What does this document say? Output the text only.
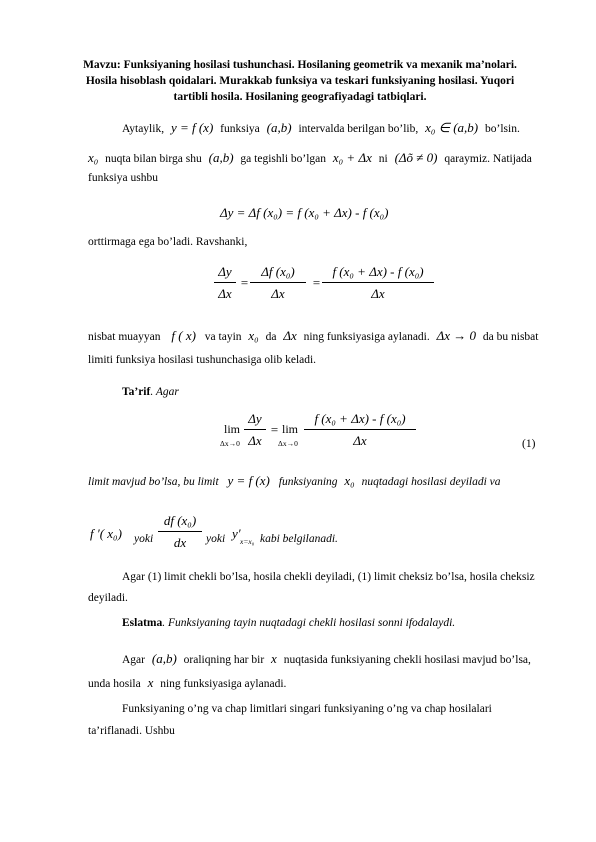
Mavzu: Funksiyaning hosilasi tushunchasi. Hosilaning geometrik va mexanik ma’nolari. Hosila hisoblash qoidalari. Murakkab funksiya va teskari funksiyaning hosilasi. Yuqori tartibli hosila. Hosilaning geografiyadagi tatbiqlari.
Aytaylik, y = f (x) funksiya (a,b) intervalda berilgan bo’lib, x₀ ∈ (a,b) bo’lsin.
x₀ nuqta bilan birga shu (a,b) ga tegishli bo’lgan x₀ + Δx ni (Δõ ≠ 0) qaraymiz. Natijada
funksiya ushbu
Δy = Δf (x₀) = f (x₀ + Δx) - f (x₀)
orttirmaga ega bo’ladi. Ravshanki,
Δy
Δx
=
Δf (x₀)
Δx
=
f (x₀ + Δx) - f (x₀)
Δx
nisbat muayyan f ( x) va tayin x₀ da Δx ning funksiyasiga aylanadi. Δx → 0 da bu nisbat
limiti funksiya hosilasi tushunchasiga olib keladi.
Ta’rif. Agar
lim
Δx→0
Δy
Δx
= lim
Δx→0
f (x₀ + Δx) - f (x₀)
Δx	(1)
limit mavjud bo’lsa, bu limit y = f (x) funksiyaning x₀ nuqtadagi hosilasi deyiladi va
f ′( x₀) yoki
df (x₀)
dx	yoki y′
x=x₀ kabi belgilanadi.
Agar (1) limit chekli bo’lsa, hosila chekli deyiladi, (1) limit cheksiz bo’lsa, hosila cheksiz
deyiladi.
Eslatma. Funksiyaning tayin nuqtadagi chekli hosilasi sonni ifodalaydi.
Agar (a,b) oraliqning har bir x nuqtasida funksiyaning chekli hosilasi mavjud bo’lsa,
unda hosila x ning funksiyasiga aylanadi.
Funksiyaning o’ng va chap limitlari singari funksiyaning o’ng va chap hosilalari
ta’riflanadi. Ushbu
